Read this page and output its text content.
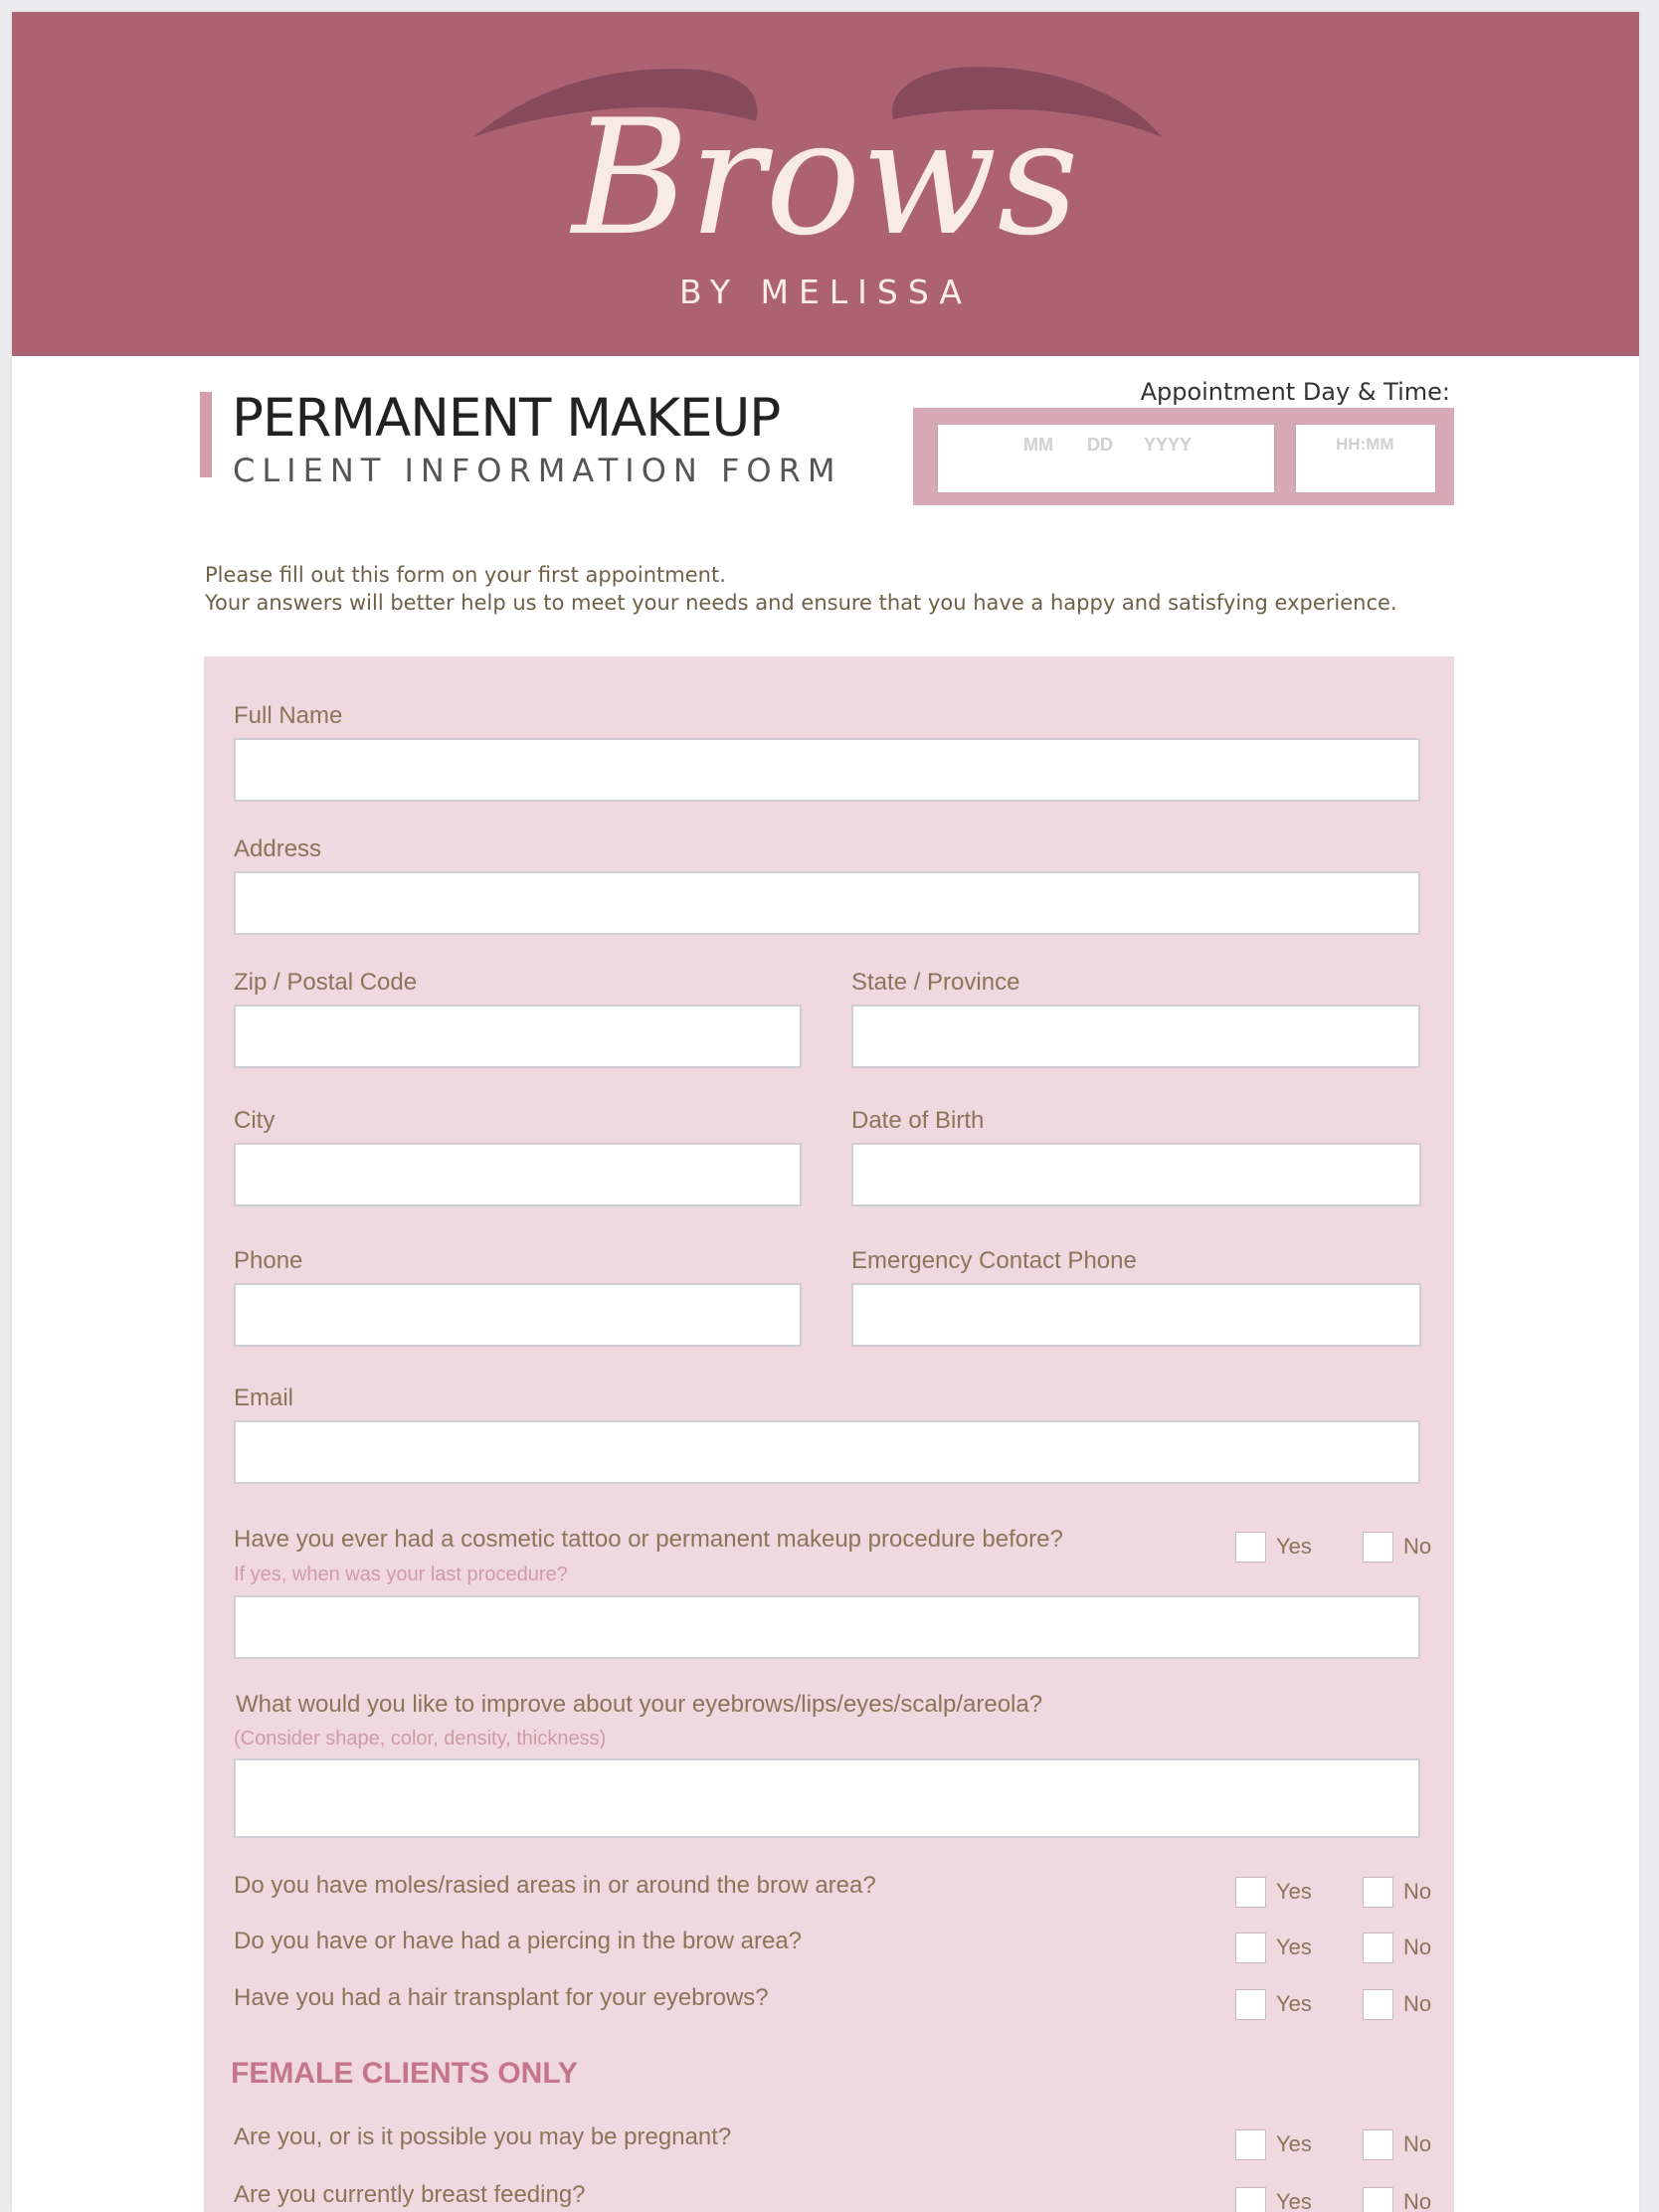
Brows
BY MELISSA
PERMANENT MAKEUP
CLIENT INFORMATION FORM
Appointment Day & Time:
MM DD YYYY	HH:MM
Please fill out this form on your first appointment.
Your answers will better help us to meet your needs and ensure that you have a happy and satisfying experience.
Full Name
Address
Zip / Postal Code	State / Province
City	Date of Birth
Phone	Emergency Contact Phone
Email
Have you ever had a cosmetic tattoo or permanent makeup procedure before?	Yes	No
If yes, when was your last procedure?
What would you like to improve about your eyebrows/lips/eyes/scalp/areola?
(Consider shape, color, density, thickness)
Do you have moles/rasied areas in or around the brow area?	Yes	No
Do you have or have had a piercing in the brow area?	Yes	No
Have you had a hair transplant for your eyebrows?	Yes	No
FEMALE CLIENTS ONLY
Are you, or is it possible you may be pregnant?	Yes	No
Are you currently breast feeding?	Yes	No
